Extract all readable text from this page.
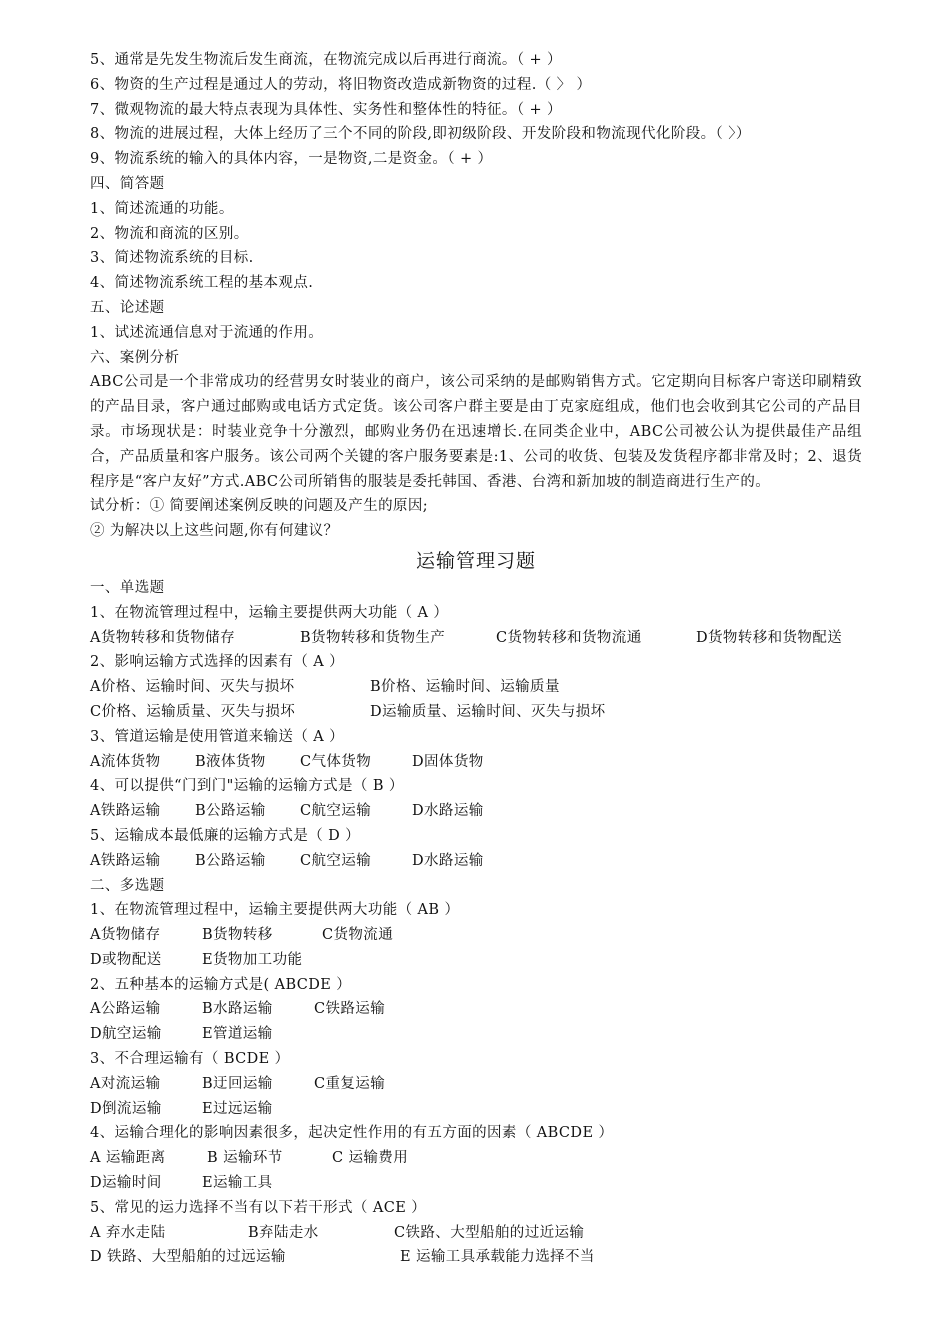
5、通常是先发生物流后发生商流，在物流完成以后再进行商流。（ + ）
6、物资的生产过程是通过人的劳动，将旧物资改造成新物资的过程.（ 〉 ）
7、微观物流的最大特点表现为具体性、实务性和整体性的特征。（ + ）
8、物流的进展过程，大体上经历了三个不同的阶段,即初级阶段、开发阶段和物流现代化阶段。（ 〉）
9、物流系统的输入的具体内容，一是物资,二是资金。（ + ）
四、简答题
1、简述流通的功能。
2、物流和商流的区别。
3、简述物流系统的目标.
4、简述物流系统工程的基本观点.
五、论述题
1、试述流通信息对于流通的作用。
六、案例分析
ABC公司是一个非常成功的经营男女时装业的商户，该公司采纳的是邮购销售方式。它定期向目标客户寄送印刷精致的产品目录，客户通过邮购或电话方式定货。该公司客户群主要是由丁克家庭组成，他们也会收到其它公司的产品目录。市场现状是：时装业竞争十分激烈，邮购业务仍在迅速增长.在同类企业中，ABC公司被公认为提供最佳产品组合，产品质量和客户服务。该公司两个关键的客户服务要素是:1、公司的收货、包装及发货程序都非常及时；2、退货程序是“客户友好”方式.ABC公司所销售的服装是委托韩国、香港、台湾和新加坡的制造商进行生产的。
试分析：① 简要阐述案例反映的问题及产生的原因;
② 为解决以上这些问题,你有何建议？
运输管理习题
一、单选题
1、在物流管理过程中，运输主要提供两大功能（ A ）
A货物转移和货物储存	B货物转移和货物生产	C货物转移和货物流通	D货物转移和货物配送
2、影响运输方式选择的因素有（ A ）
A价格、运输时间、灭失与损坏	B价格、运输时间、运输质量
C价格、运输质量、灭失与损坏	D运输质量、运输时间、灭失与损坏
3、管道运输是使用管道来输送（ A ）
A流体货物	B液体货物	C气体货物	D固体货物
4、可以提供“门到门"运输的运输方式是（ B ）
A铁路运输	B公路运输	C航空运输	D水路运输
5、运输成本最低廉的运输方式是（ D ）
A铁路运输	B公路运输	C航空运输	D水路运输
二、多选题
1、在物流管理过程中，运输主要提供两大功能（ AB ）
A货物储存	B货物转移	C货物流通
D或物配送	E货物加工功能
2、五种基本的运输方式是( ABCDE ）
A公路运输	B水路运输	C铁路运输
D航空运输	E管道运输
3、不合理运输有（ BCDE ）
A对流运输	B迂回运输	C重复运输
D倒流运输	E过远运输
4、运输合理化的影响因素很多，起决定性作用的有五方面的因素（ ABCDE ）
A 运输距离	B 运输环节	C 运输费用
D运输时间	E运输工具
5、常见的运力选择不当有以下若干形式（ ACE ）
A 弃水走陆	B弃陆走水	C铁路、大型船舶的过近运输
D 铁路、大型船舶的过远运输	E 运输工具承载能力选择不当
